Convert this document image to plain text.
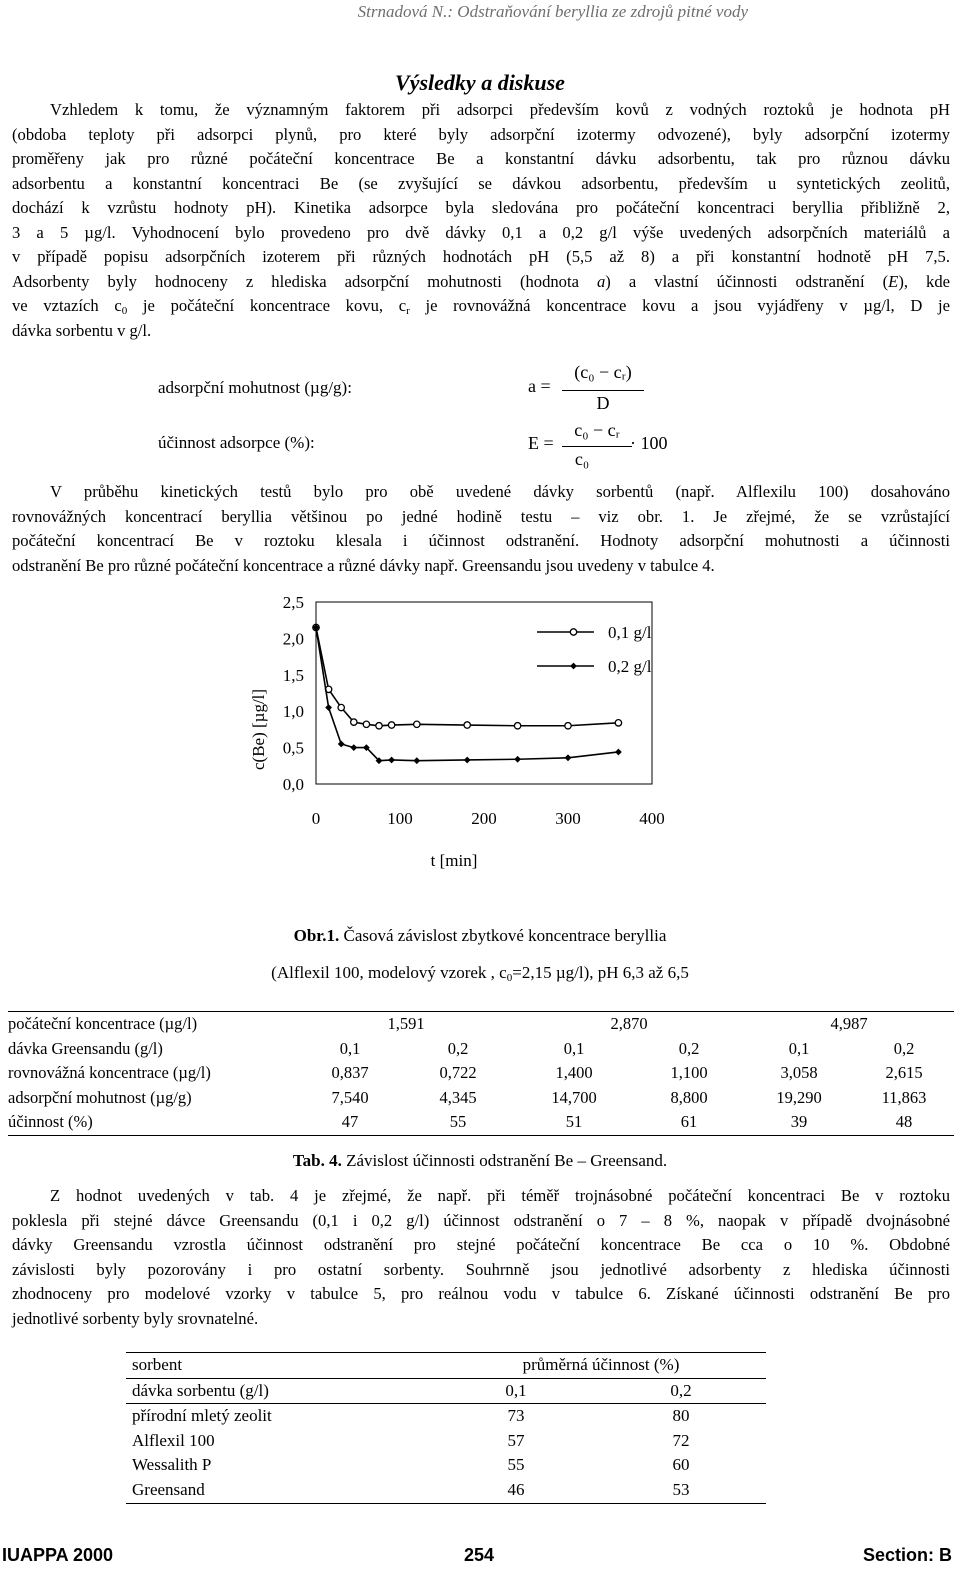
Strnadová N.: Odstraňování beryllia ze zdrojů pitné vody
Výsledky a diskuse
Vzhledem k tomu, že významným faktorem při adsorpci především kovů z vodných roztoků je hodnota pH
(obdoba teploty při adsorpci plynů, pro které byly adsorpční izotermy odvozené), byly adsorpční izotermy
proměřeny jak pro různé počáteční koncentrace Be a konstantní dávku adsorbentu, tak pro různou dávku
adsorbentu a konstantní koncentraci Be (se zvyšující se dávkou adsorbentu, především u syntetických zeolitů,
dochází k vzrůstu hodnoty pH). Kinetika adsorpce byla sledována pro počáteční koncentraci beryllia přibližně 2,
3 a 5 µg/l. Vyhodnocení bylo provedeno pro dvě dávky 0,1 a 0,2 g/l výše uvedených adsorpčních materiálů a
v případě popisu adsorpčních izoterem při různých hodnotách pH (5,5 až 8) a při konstantní hodnotě pH 7,5.
Adsorbenty byly hodnoceny z hlediska adsorpční mohutnosti (hodnota a) a vlastní účinnosti odstranění (E), kde
ve vztazích $c_0$ je počáteční koncentrace kovu, $c_r$ je rovnovážná koncentrace kovu a jsou vyjádřeny v µg/l, D je
dávka sorbentu v g/l.
adsorpční mohutnost (µg/g):	a =
(c₀ − cᵣ)
D
účinnost adsorpce (%):	E =
c₀ − cᵣ
c₀
· 100
V průběhu kinetických testů bylo pro obě uvedené dávky sorbentů (např. Alflexilu 100) dosahováno
rovnovážných koncentrací beryllia většinou po jedné hodině testu – viz obr. 1. Je zřejmé, že se vzrůstající
počáteční koncentrací Be v roztoku klesala i účinnost odstranění. Hodnoty adsorpční mohutnosti a účinnosti
odstranění Be pro různé počáteční koncentrace a různé dávky např. Greensandu jsou uvedeny v tabulce 4.
0,0
0,5
1,0
1,5
2,0
2,5
0	100	200	300	400
0,1 g/l
0,2 g/l
c(Be) [µg/l]
t [min]
Obr.1. Časová závislost zbytkové koncentrace beryllia
(Alflexil 100, modelový vzorek , $c_0=2,15$ µg/l), pH 6,3 až 6,5
počáteční koncentrace (µg/l)	1,591		2,870		4,987	
dávka Greensandu (g/l)	0,1	0,2	0,1	0,2	0,1	0,2
rovnovážná koncentrace (µg/l)	0,837	0,722	1,400	1,100	3,058	2,615
adsorpční mohutnost (µg/g)	7,540	4,345	14,700	8,800	19,290	11,863
účinnost (%)	47	55	51	61	39	48
Tab. 4. Závislost účinnosti odstranění Be – Greensand.
Z hodnot uvedených v tab. 4 je zřejmé, že např. při téměř trojnásobné počáteční koncentraci Be v roztoku
poklesla při stejné dávce Greensandu (0,1 i 0,2 g/l) účinnost odstranění o 7 – 8 %, naopak v případě dvojnásobné
dávky Greensandu vzrostla účinnost odstranění pro stejné počáteční koncentrace Be cca o 10 %. Obdobné
závislosti byly pozorovány i pro ostatní sorbenty. Souhrnně jsou jednotlivé adsorbenty z hlediska účinnosti
zhodnoceny pro modelové vzorky v tabulce 5, pro reálnou vodu v tabulce 6. Získané účinnosti odstranění Be pro
jednotlivé sorbenty byly srovnatelné.
sorbent	průměrná účinnost (%)	
dávka sorbentu (g/l)	0,1	0,2
přírodní mletý zeolit	73	80
Alflexil 100	57	72
Wessalith P	55	60
Greensand	46	53
IUAPPA 2000	254	Section: B
